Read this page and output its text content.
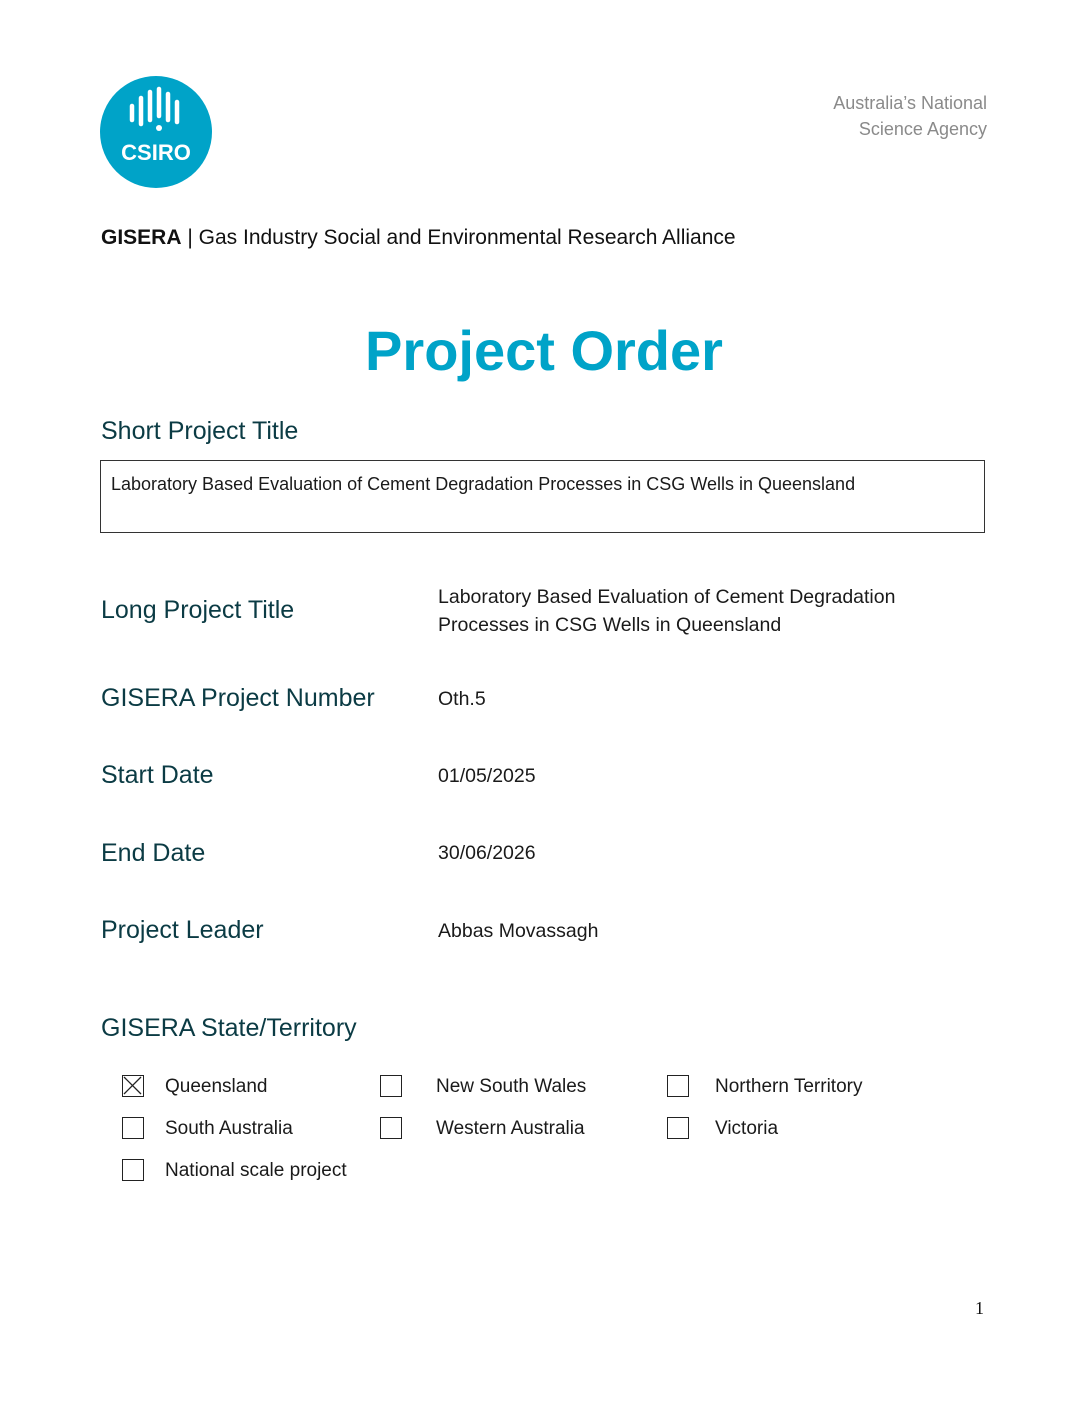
CSIRO
Australia’s National
Science Agency
GISERA | Gas Industry Social and Environmental Research Alliance
Project Order
Short Project Title
Laboratory Based Evaluation of Cement Degradation Processes in CSG Wells in Queensland
Long Project Title	Laboratory Based Evaluation of Cement Degradation
Processes in CSG Wells in Queensland
GISERA Project Number	Oth.5
Start Date	01/05/2025
End Date	30/06/2026
Project Leader	Abbas Movassagh
GISERA State/Territory
Queensland	New South Wales	Northern Territory
South Australia	Western Australia	Victoria
National scale project
1
